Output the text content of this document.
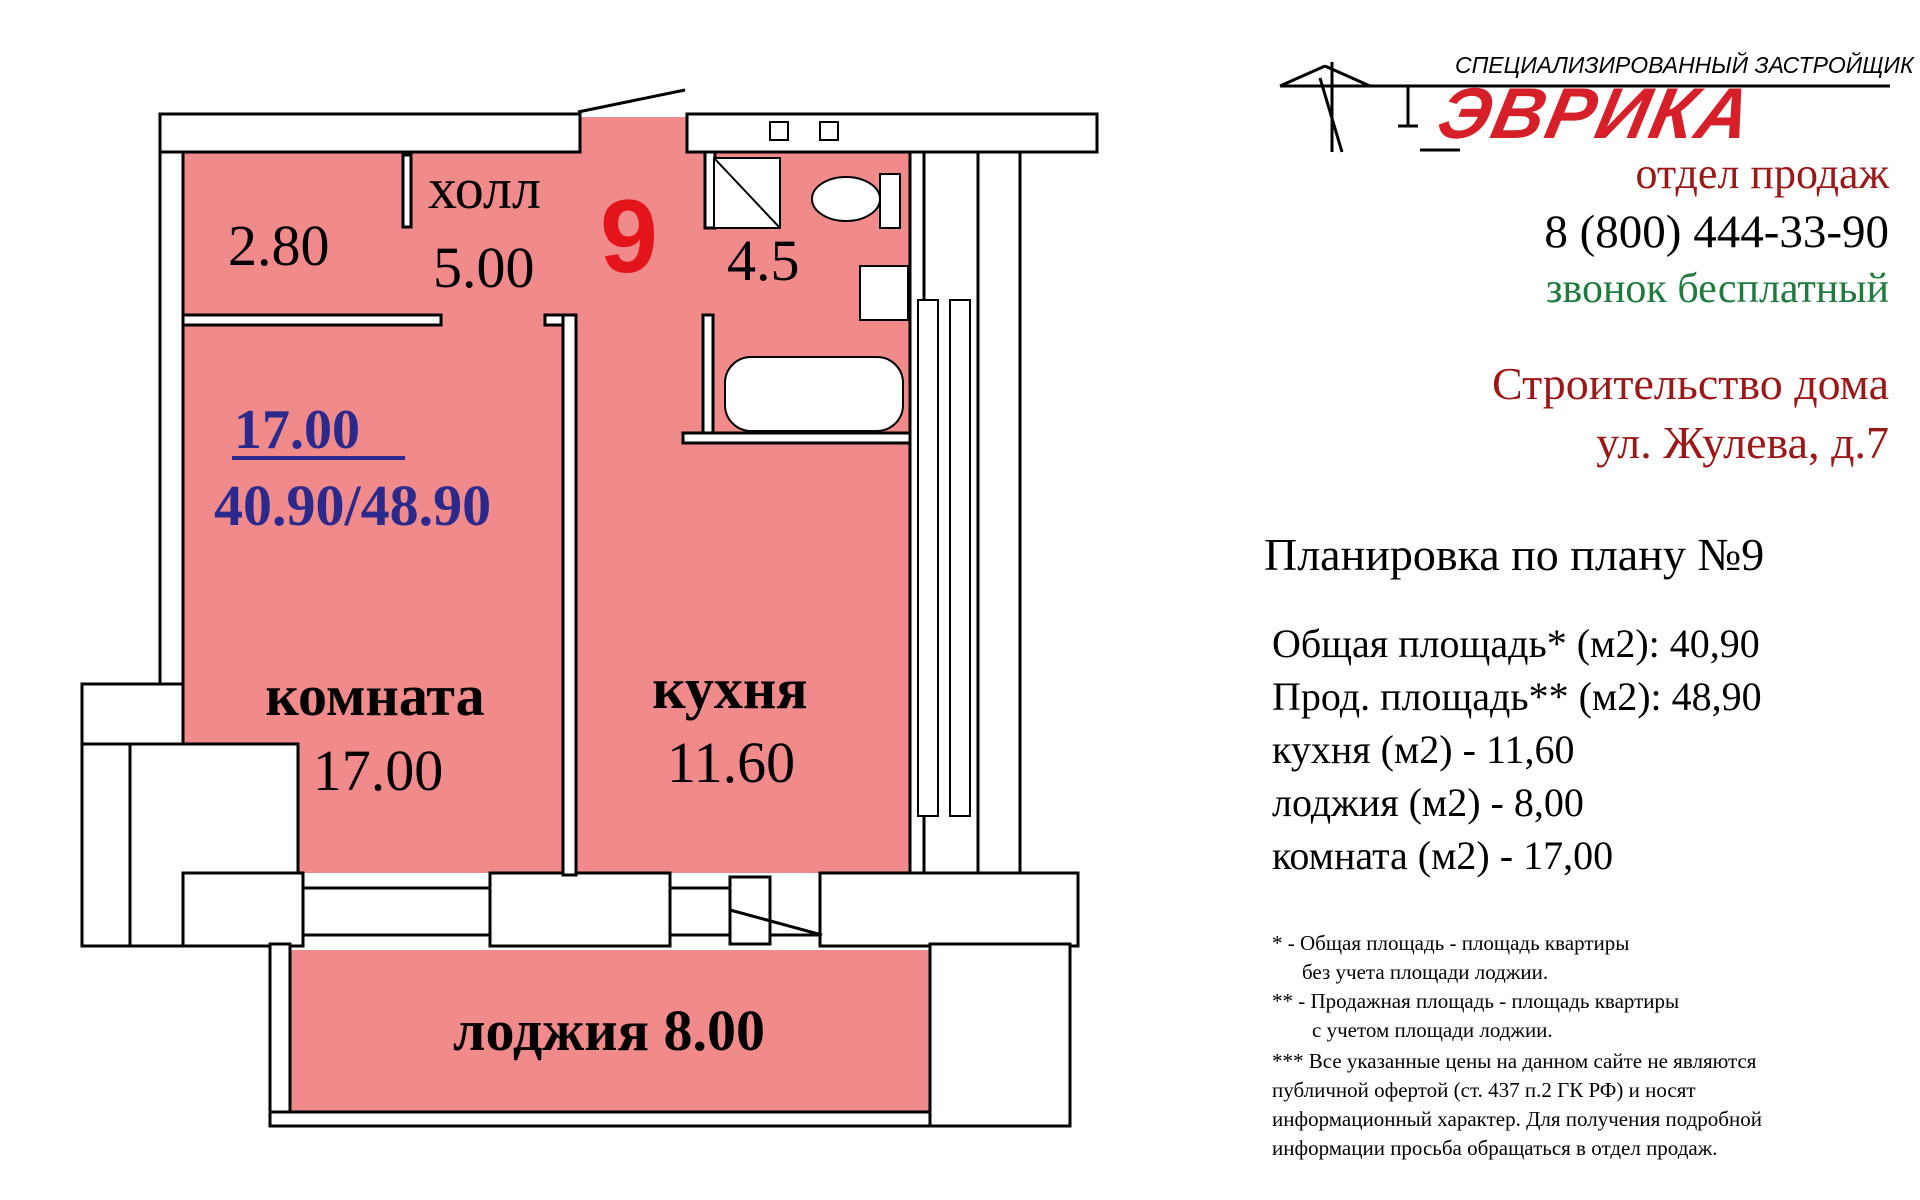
9
2.80
холл
5.00	4.5
17.00
40.90/48.90
комната
17.00
кухня
11.60
лоджия 8.00
СПЕЦИАЛИЗИРОВАННЫЙ ЗАСТРОЙЩИК
ЭВРИКА
отдел продаж
8 (800) 444-33-90
звонок бесплатный
Строительство дома
ул. Жулева, д.7
Планировка по плану №9
Общая площадь* (м2): 40,90
Прод. площадь** (м2): 48,90
кухня (м2) - 11,60
лоджия (м2) - 8,00
комната (м2) - 17,00
* - Общая площадь - площадь квартиры
без учета площади лоджии.
** - Продажная площадь - площадь квартиры
с учетом площади лоджии.
*** Все указанные цены на данном сайте не являются
публичной офертой (ст. 437 п.2 ГК РФ) и носят
информационный характер. Для получения подробной
информации просьба обращаться в отдел продаж.
